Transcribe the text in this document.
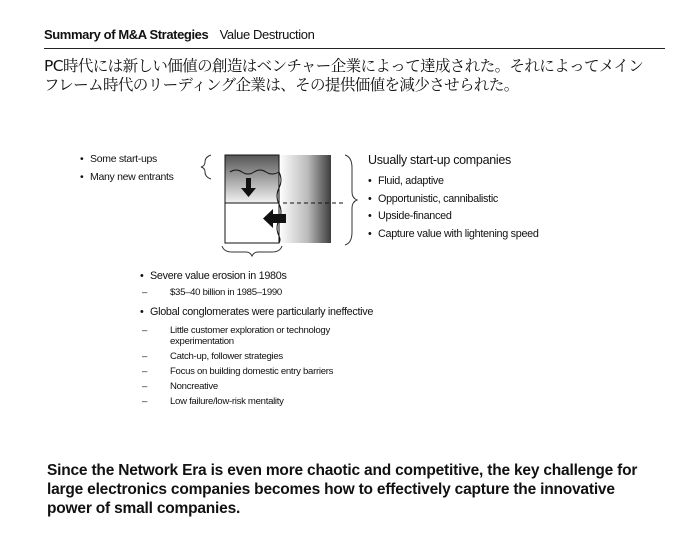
Summary of M&A Strategies Value Destruction
PC時代には新しい価値の創造はベンチャー企業によって達成された。それによってメインフレーム時代のリーディング企業は、その提供価値を減少させられた。
• Some start-ups
• Many new entrants
Usually start-up companies
• Fluid, adaptive
• Opportunistic, cannibalistic
• Upside-financed
• Capture value with lightening speed
• Severe value erosion in 1980s
– $35–40 billion in 1985–1990
• Global conglomerates were particularly ineffective
– Little customer exploration or technology experimentation
– Catch-up, follower strategies
– Focus on building domestic entry barriers
– Noncreative
– Low failure/low-risk mentality
Since the Network Era is even more chaotic and competitive, the key challenge for large electronics companies becomes how to effectively capture the innovative power of small companies.
